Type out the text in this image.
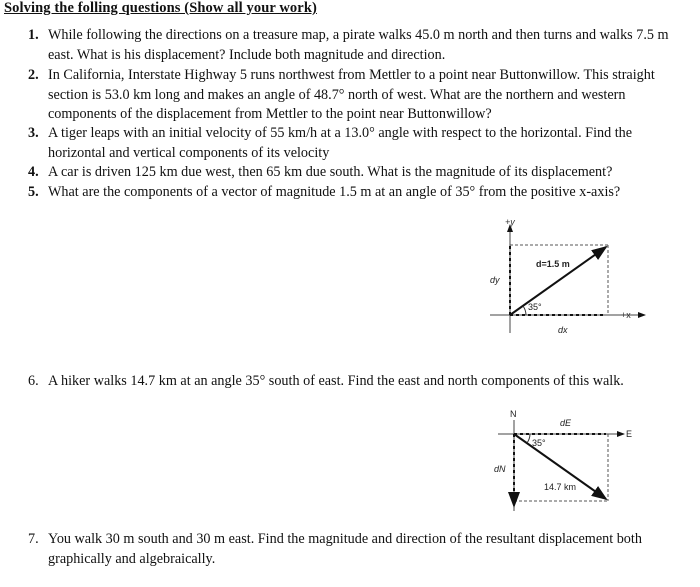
Solving the folling questions (Show all your work)
1. While following the directions on a treasure map, a pirate walks 45.0 m north and then turns and walks 7.5 m east. What is his displacement? Include both magnitude and direction.
2. In California, Interstate Highway 5 runs northwest from Mettler to a point near Buttonwillow. This straight section is 53.0 km long and makes an angle of 48.7° north of west. What are the northern and western components of the displacement from Mettler to the point near Buttonwillow?
3. A tiger leaps with an initial velocity of 55 km/h at a 13.0° angle with respect to the horizontal. Find the horizontal and vertical components of its velocity
4. A car is driven 125 km due west, then 65 km due south. What is the magnitude of its displacement?
5. What are the components of a vector of magnitude 1.5 m at an angle of 35° from the positive x-axis?
+y
+x
35°
d=1.5 m
dy
dx
6. A hiker walks 14.7 km at an angle 35° south of east. Find the east and north components of this walk.
N
E
35°
dE
dN
14.7 km
7. You walk 30 m south and 30 m east. Find the magnitude and direction of the resultant displacement both graphically and algebraically.
